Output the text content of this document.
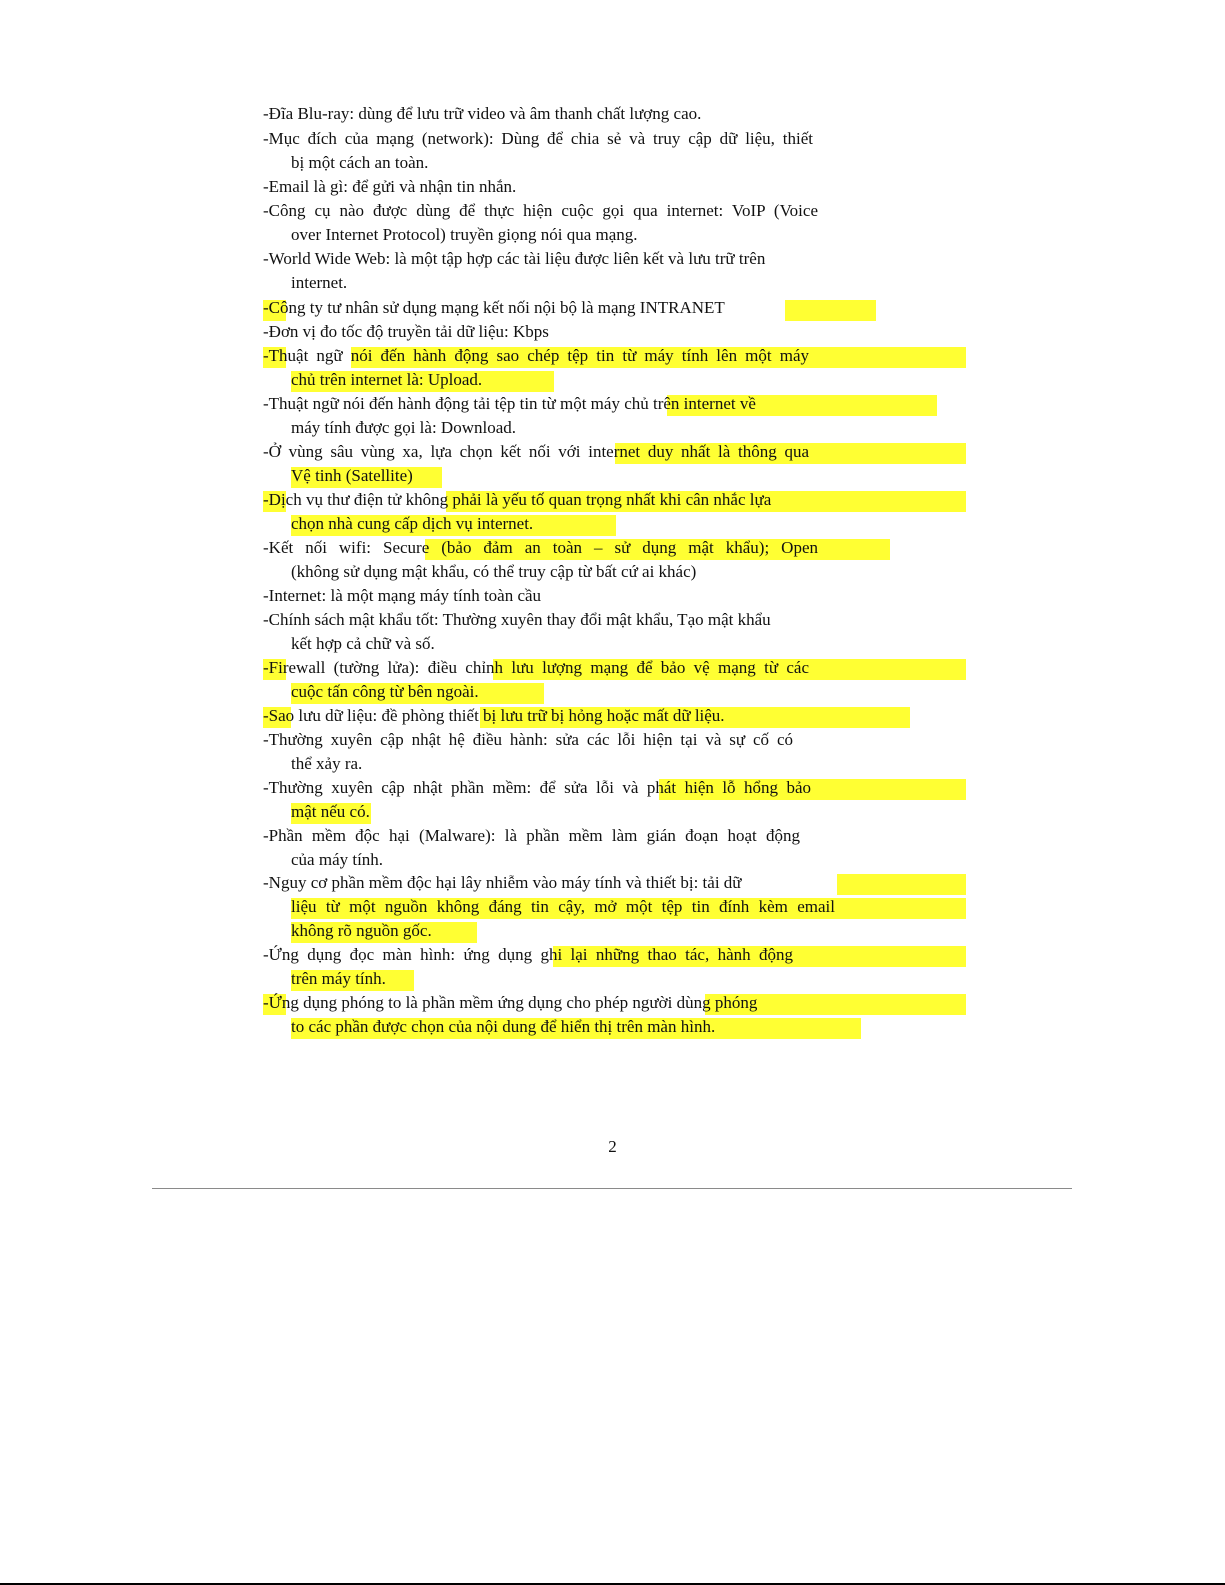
-Đĩa Blu-ray: dùng để lưu trữ video và âm thanh chất lượng cao.
-Mục đích của mạng (network): Dùng để chia sẻ và truy cập dữ liệu, thiết
bị một cách an toàn.
-Email là gì: để gửi và nhận tin nhắn.
-Công cụ nào được dùng để thực hiện cuộc gọi qua internet: VoIP (Voice
over Internet Protocol) truyền giọng nói qua mạng.
-World Wide Web: là một tập hợp các tài liệu được liên kết và lưu trữ trên
internet.
-Công ty tư nhân sử dụng mạng kết nối nội bộ là mạng INTRANET
-Đơn vị đo tốc độ truyền tải dữ liệu: Kbps
-Thuật ngữ nói đến hành động sao chép tệp tin từ máy tính lên một máy
chủ trên internet là: Upload.
-Thuật ngữ nói đến hành động tải tệp tin từ một máy chủ trên internet về
máy tính được gọi là: Download.
-Ở vùng sâu vùng xa, lựa chọn kết nối với internet duy nhất là thông qua
Vệ tinh (Satellite)
-Dịch vụ thư điện tử không phải là yếu tố quan trọng nhất khi cân nhắc lựa
chọn nhà cung cấp dịch vụ internet.
-Kết nối wifi: Secure (bảo đảm an toàn – sử dụng mật khẩu); Open
(không sử dụng mật khẩu, có thể truy cập từ bất cứ ai khác)
-Internet: là một mạng máy tính toàn cầu
-Chính sách mật khẩu tốt: Thường xuyên thay đổi mật khẩu, Tạo mật khẩu
kết hợp cả chữ và số.
-Firewall (tường lửa): điều chỉnh lưu lượng mạng để bảo vệ mạng từ các
cuộc tấn công từ bên ngoài.
-Sao lưu dữ liệu: đề phòng thiết bị lưu trữ bị hỏng hoặc mất dữ liệu.
-Thường xuyên cập nhật hệ điều hành: sửa các lỗi hiện tại và sự cố có
thể xảy ra.
-Thường xuyên cập nhật phần mềm: để sửa lỗi và phát hiện lỗ hổng bảo
mật nếu có.
-Phần mềm độc hại (Malware): là phần mềm làm gián đoạn hoạt động
của máy tính.
-Nguy cơ phần mềm độc hại lây nhiễm vào máy tính và thiết bị: tải dữ
liệu từ một nguồn không đáng tin cậy, mở một tệp tin đính kèm email
không rõ nguồn gốc.
-Ứng dụng đọc màn hình: ứng dụng ghi lại những thao tác, hành động
trên máy tính.
-Ứng dụng phóng to là phần mềm ứng dụng cho phép người dùng phóng
to các phần được chọn của nội dung để hiển thị trên màn hình.
2
